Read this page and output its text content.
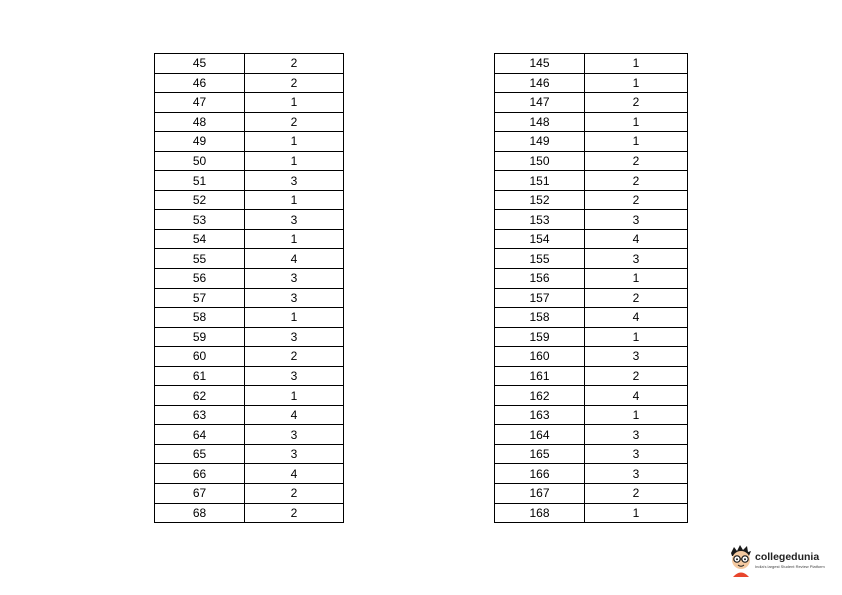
45	2
46	2
47	1
48	2
49	1
50	1
51	3
52	1
53	3
54	1
55	4
56	3
57	3
58	1
59	3
60	2
61	3
62	1
63	4
64	3
65	3
66	4
67	2
68	2
145	1
146	1
147	2
148	1
149	1
150	2
151	2
152	2
153	3
154	4
155	3
156	1
157	2
158	4
159	1
160	3
161	2
162	4
163	1
164	3
165	3
166	3
167	2
168	1
collegedunia
India's largest Student Review Platform
